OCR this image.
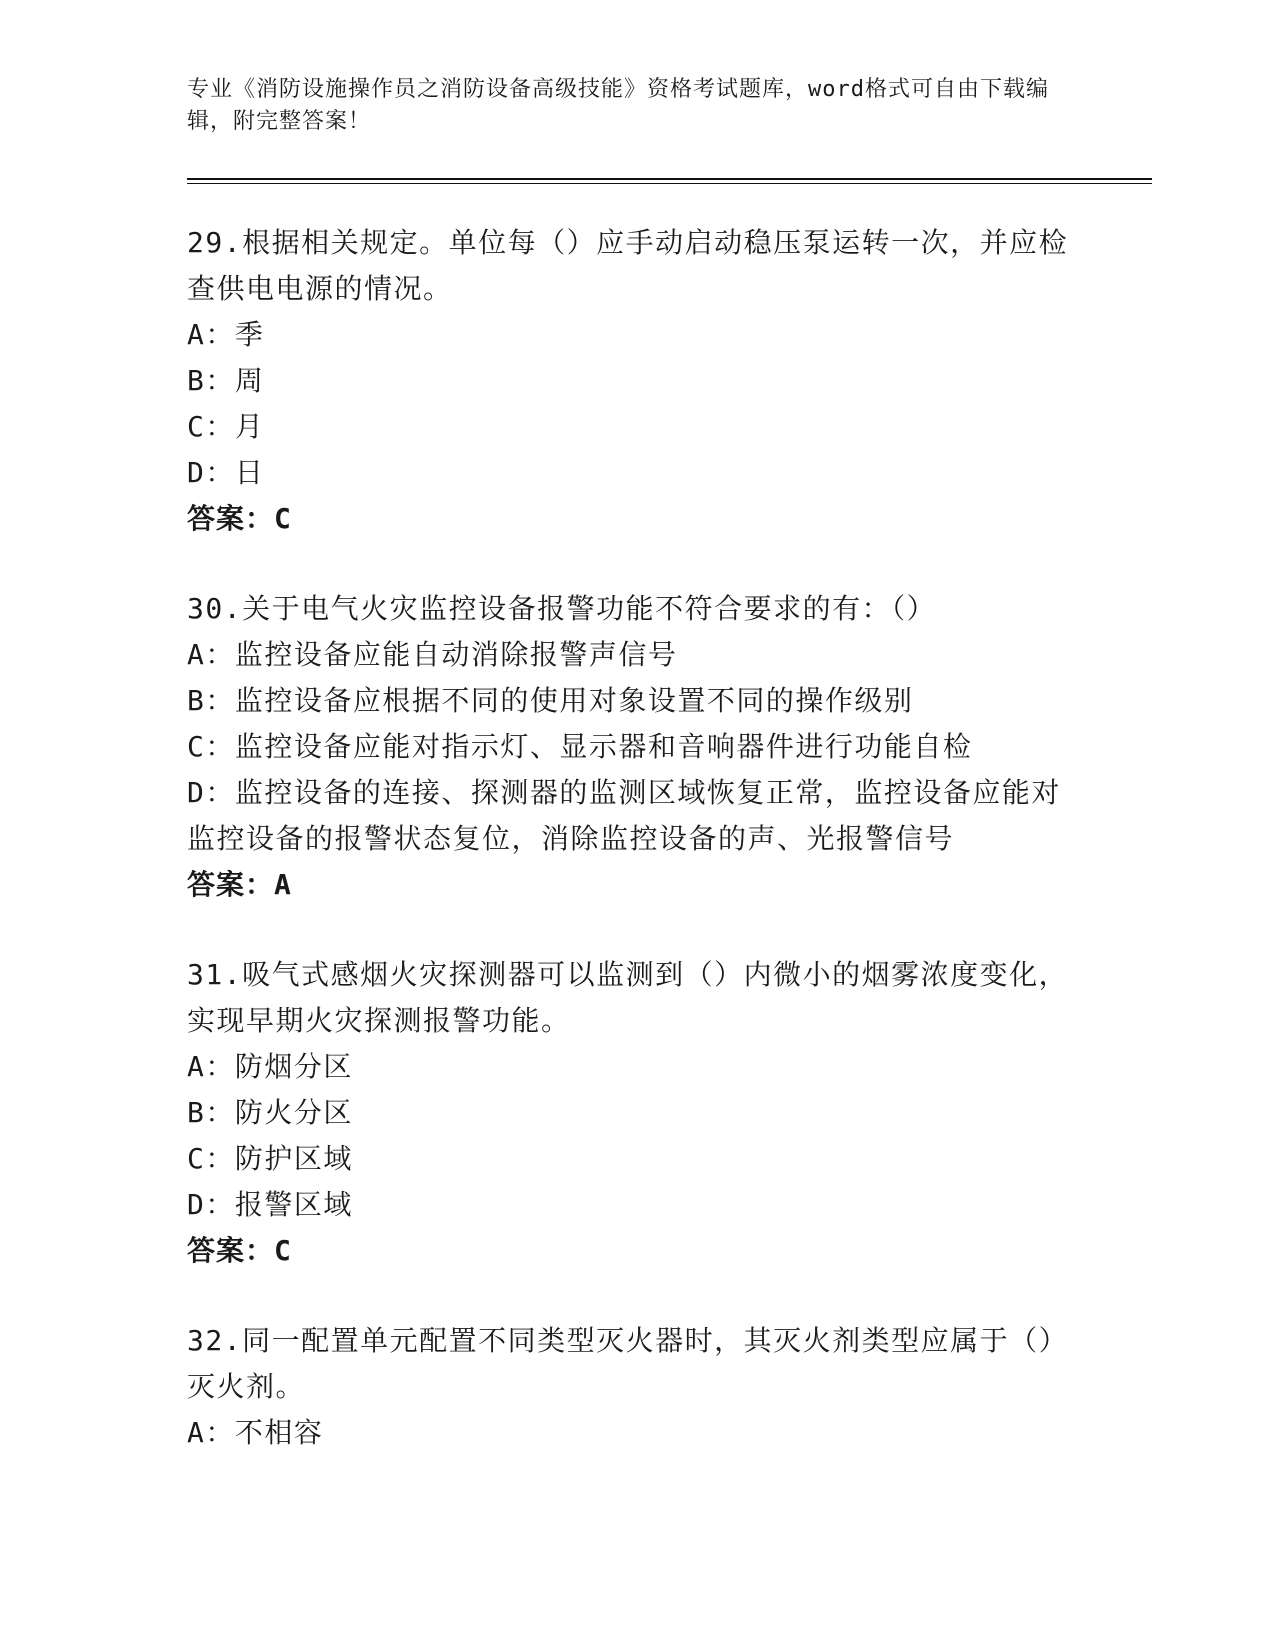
专业《消防设施操作员之消防设备高级技能》资格考试题库，word格式可自由下载编辑，附完整答案！
29.根据相关规定。单位每（）应手动启动稳压泵运转一次，并应检查供电电源的情况。
A：季
B：周
C：月
D：日
答案：C
30.关于电气火灾监控设备报警功能不符合要求的有：（）
A：监控设备应能自动消除报警声信号
B：监控设备应根据不同的使用对象设置不同的操作级别
C：监控设备应能对指示灯、显示器和音响器件进行功能自检
D：监控设备的连接、探测器的监测区域恢复正常，监控设备应能对监控设备的报警状态复位，消除监控设备的声、光报警信号
答案：A
31.吸气式感烟火灾探测器可以监测到（）内微小的烟雾浓度变化，实现早期火灾探测报警功能。
A：防烟分区
B：防火分区
C：防护区域
D：报警区域
答案：C
32.同一配置单元配置不同类型灭火器时，其灭火剂类型应属于（）灭火剂。
A：不相容
